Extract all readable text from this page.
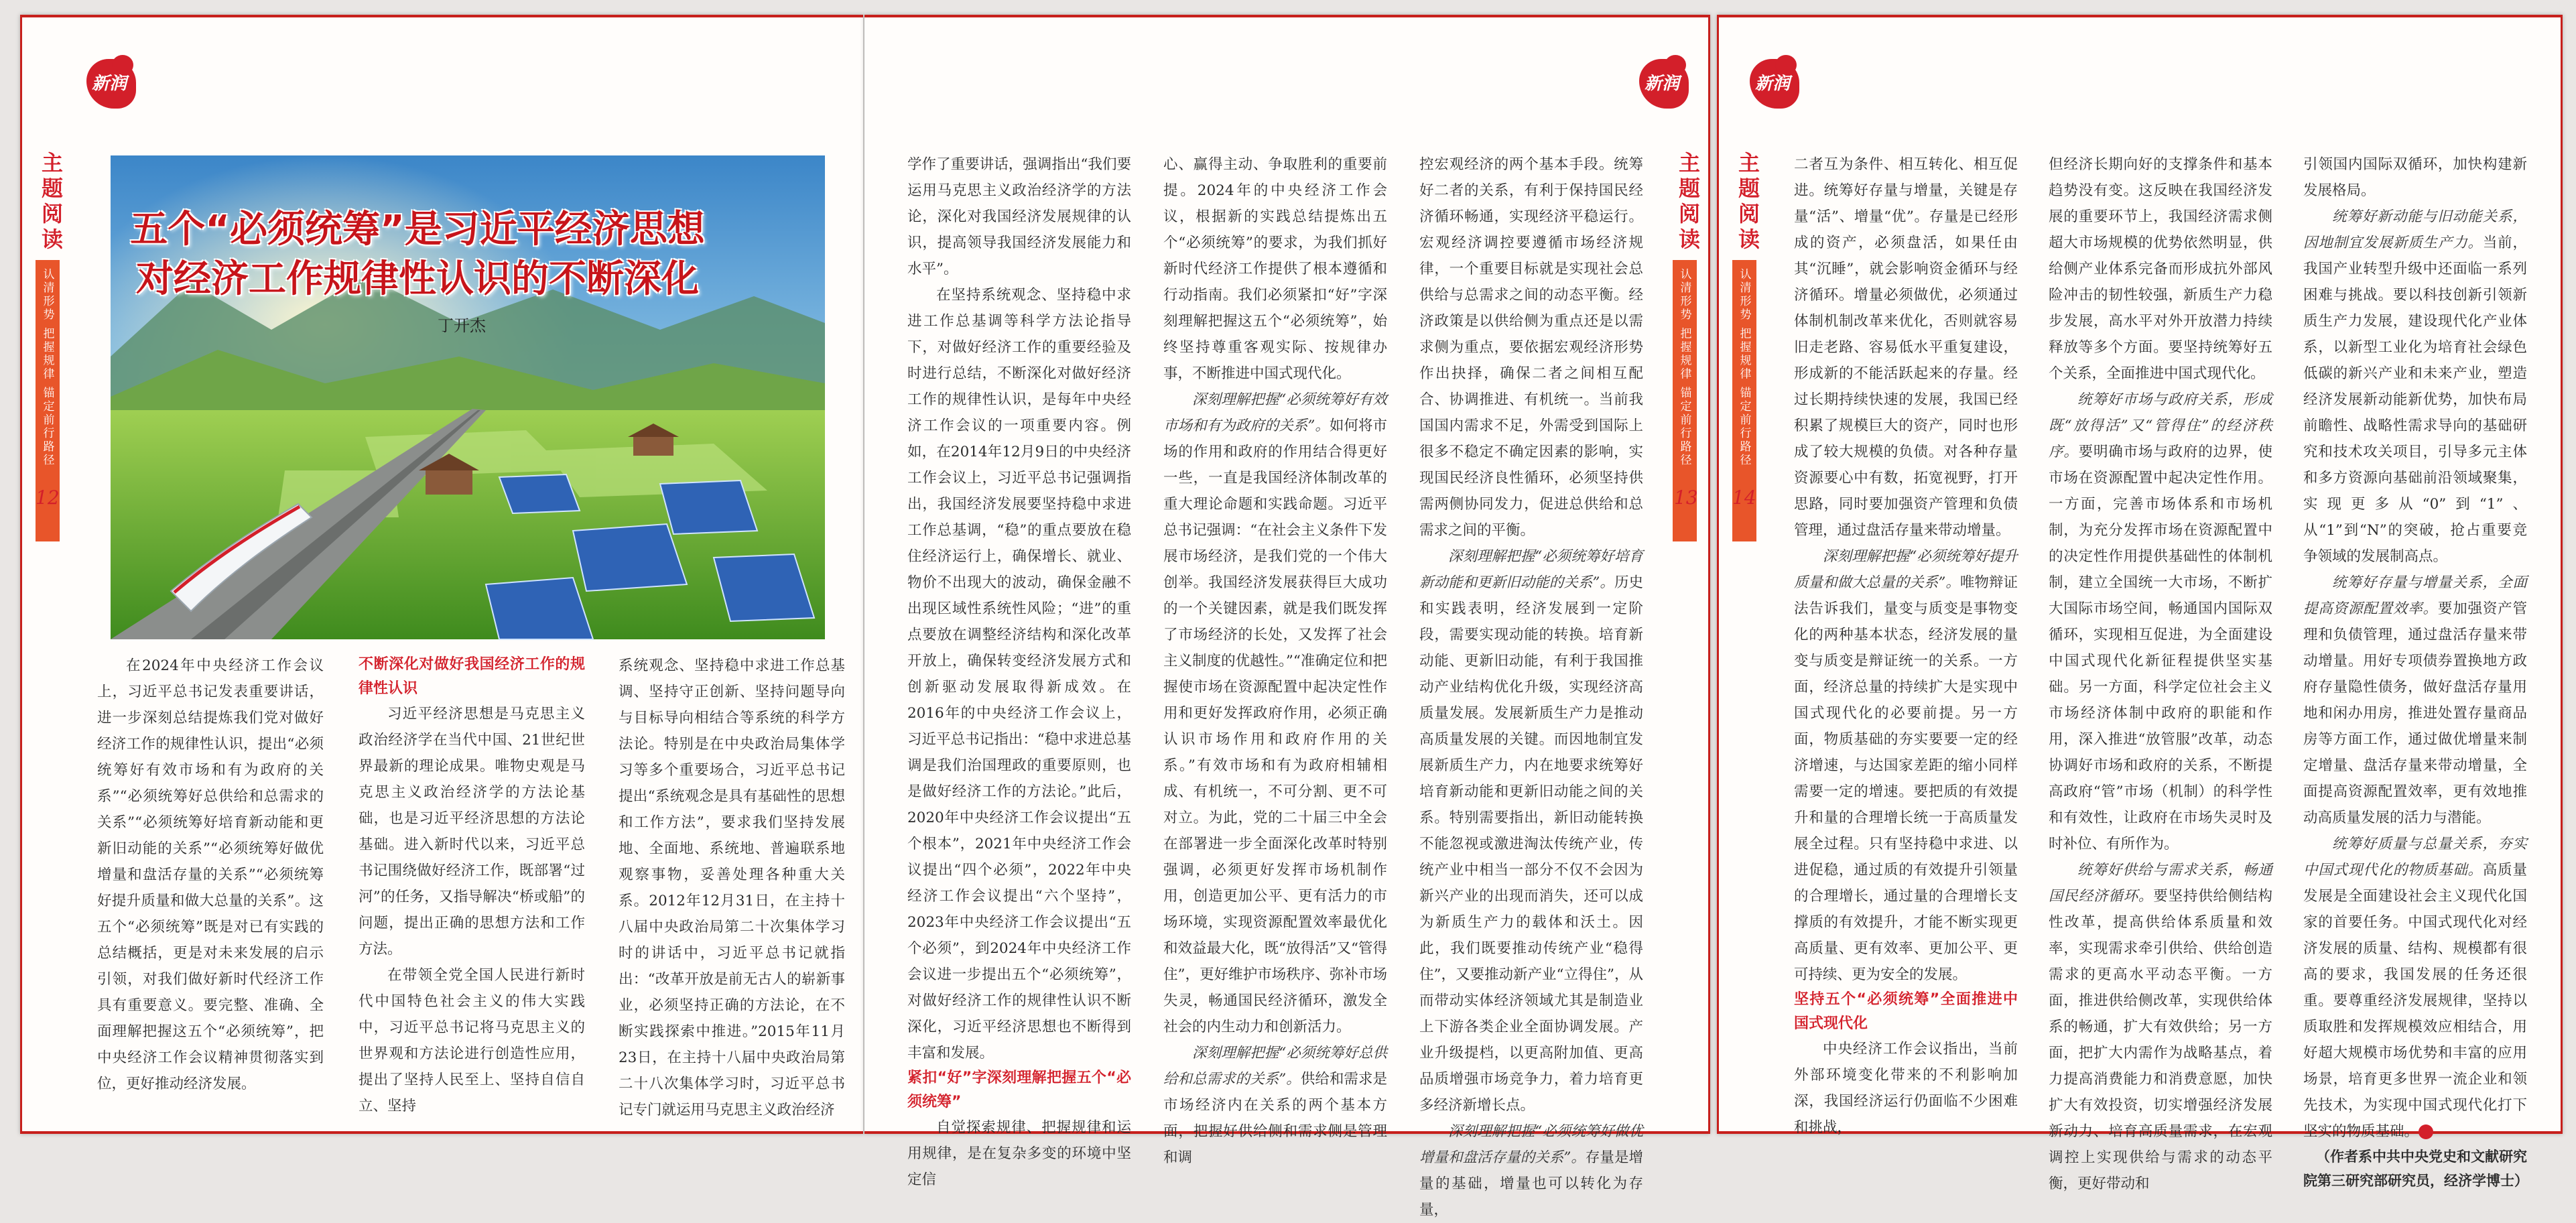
新润
主题阅读
认清形势 把握规律 锚定前行路径
12
五个“必须统筹”是习近平经济思想
对经济工作规律性认识的不断深化
丁开杰

在2024年中央经济工作会议上，习近平总书记发表重要讲话，进一步深刻总结提炼我们党对做好经济工作的规律性认识，提出“必须统筹好有效市场和有为政府的关系”“必须统筹好总供给和总需求的关系”“必须统筹好培育新动能和更新旧动能的关系”“必须统筹好做优增量和盘活存量的关系”“必须统筹好提升质量和做大总量的关系”。这五个“必须统筹”既是对已有实践的总结概括，更是对未来发展的启示引领，对我们做好新时代经济工作具有重要意义。要完整、准确、全面理解把握这五个“必须统筹”，把中央经济工作会议精神贯彻落实到位，更好推动经济发展。

不断深化对做好我国经济工作的规律性认识

习近平经济思想是马克思主义政治经济学在当代中国、21世纪世界最新的理论成果。唯物史观是马克思主义政治经济学的方法论基础，也是习近平经济思想的方法论基础。进入新时代以来，习近平总书记围绕做好经济工作，既部署“过河”的任务，又指导解决“桥或船”的问题，提出正确的思想方法和工作方法。

在带领全党全国人民进行新时代中国特色社会主义的伟大实践中，习近平总书记将马克思主义的世界观和方法论进行创造性应用，提出了坚持人民至上、坚持自信自立、坚持

系统观念、坚持稳中求进工作总基调、坚持守正创新、坚持问题导向与目标导向相结合等系统的科学方法论。特别是在中央政治局集体学习等多个重要场合，习近平总书记提出“系统观念是具有基础性的思想和工作方法”，要求我们坚持发展地、全面地、系统地、普遍联系地观察事物，妥善处理各种重大关系。2012年12月31日，在主持十八届中央政治局第二十次集体学习时的讲话中，习近平总书记就指出：“改革开放是前无古人的崭新事业，必须坚持正确的方法论，在不断实践探索中推进。”2015年11月23日，在主持十八届中央政治局第二十八次集体学习时，习近平总书记专门就运用马克思主义政治经济

新润
主题阅读
认清形势 把握规律 锚定前行路径
13

学作了重要讲话，强调指出“我们要运用马克思主义政治经济学的方法论，深化对我国经济发展规律的认识，提高领导我国经济发展能力和水平”。

在坚持系统观念、坚持稳中求进工作总基调等科学方法论指导下，对做好经济工作的重要经验及时进行总结，不断深化对做好经济工作的规律性认识，是每年中央经济工作会议的一项重要内容。例如，在2014年12月9日的中央经济工作会议上，习近平总书记强调指出，我国经济发展要坚持稳中求进工作总基调，“稳”的重点要放在稳住经济运行上，确保增长、就业、物价不出现大的波动，确保金融不出现区域性系统性风险；“进”的重点要放在调整经济结构和深化改革开放上，确保转变经济发展方式和创新驱动发展取得新成效。在2016年的中央经济工作会议上，习近平总书记指出：“稳中求进总基调是我们治国理政的重要原则，也是做好经济工作的方法论。”此后，2020年中央经济工作会议提出“五个根本”，2021年中央经济工作会议提出“四个必须”，2022年中央经济工作会议提出“六个坚持”，2023年中央经济工作会议提出“五个必须”，到2024年中央经济工作会议进一步提出五个“必须统筹”，对做好经济工作的规律性认识不断深化，习近平经济思想也不断得到丰富和发展。

紧扣“好”字深刻理解把握五个“必须统筹”

自觉探索规律、把握规律和运用规律，是在复杂多变的环境中坚定信

心、赢得主动、争取胜利的重要前提。2024年的中央经济工作会议，根据新的实践总结提炼出五个“必须统筹”的要求，为我们抓好新时代经济工作提供了根本遵循和行动指南。我们必须紧扣“好”字深刻理解把握这五个“必须统筹”，始终坚持尊重客观实际、按规律办事，不断推进中国式现代化。

深刻理解把握“必须统筹好有效市场和有为政府的关系”。如何将市场的作用和政府的作用结合得更好一些，一直是我国经济体制改革的重大理论命题和实践命题。习近平总书记强调：“在社会主义条件下发展市场经济，是我们党的一个伟大创举。我国经济发展获得巨大成功的一个关键因素，就是我们既发挥了市场经济的长处，又发挥了社会主义制度的优越性。”“准确定位和把握使市场在资源配置中起决定性作用和更好发挥政府作用，必须正确认识市场作用和政府作用的关系。”有效市场和有为政府相辅相成、有机统一，不可分割、更不可对立。为此，党的二十届三中全会在部署进一步全面深化改革时特别强调，必须更好发挥市场机制作用，创造更加公平、更有活力的市场环境，实现资源配置效率最优化和效益最大化，既“放得活”又“管得住”，更好维护市场秩序、弥补市场失灵，畅通国民经济循环，激发全社会的内生动力和创新活力。

深刻理解把握“必须统筹好总供给和总需求的关系”。供给和需求是市场经济内在关系的两个基本方面，把握好供给侧和需求侧是管理和调

控宏观经济的两个基本手段。统筹好二者的关系，有利于保持国民经济循环畅通，实现经济平稳运行。宏观经济调控要遵循市场经济规律，一个重要目标就是实现社会总供给与总需求之间的动态平衡。经济政策是以供给侧为重点还是以需求侧为重点，要依据宏观经济形势作出抉择，确保二者之间相互配合、协调推进、有机统一。当前我国国内需求不足，外需受到国际上很多不稳定不确定因素的影响，实现国民经济良性循环，必须坚持供需两侧协同发力，促进总供给和总需求之间的平衡。

深刻理解把握“必须统筹好培育新动能和更新旧动能的关系”。历史和实践表明，经济发展到一定阶段，需要实现动能的转换。培育新动能、更新旧动能，有利于我国推动产业结构优化升级，实现经济高质量发展。发展新质生产力是推动高质量发展的关键。而因地制宜发展新质生产力，内在地要求统筹好培育新动能和更新旧动能之间的关系。特别需要指出，新旧动能转换不能忽视或激进淘汰传统产业，传统产业中相当一部分不仅不会因为新兴产业的出现而消失，还可以成为新质生产力的载体和沃土。因此，我们既要推动传统产业“稳得住”，又要推动新产业“立得住”，从而带动实体经济领域尤其是制造业上下游各类企业全面协调发展。产业升级提档，以更高附加值、更高品质增强市场竞争力，着力培育更多经济新增长点。

深刻理解把握“必须统筹好做优增量和盘活存量的关系”。存量是增量的基础，增量也可以转化为存量，

新润
主题阅读
认清形势 把握规律 锚定前行路径
14

二者互为条件、相互转化、相互促进。统筹好存量与增量，关键是存量“活”、增量“优”。存量是已经形成的资产，必须盘活，如果任由其“沉睡”，就会影响资金循环与经济循环。增量必须做优，必须通过体制机制改革来优化，否则就容易旧走老路、容易低水平重复建设，形成新的不能活跃起来的存量。经过长期持续快速的发展，我国已经积累了规模巨大的资产，同时也形成了较大规模的负债。对各种存量资源要心中有数，拓宽视野，打开思路，同时要加强资产管理和负债管理，通过盘活存量来带动增量。

深刻理解把握“必须统筹好提升质量和做大总量的关系”。唯物辩证法告诉我们，量变与质变是事物变化的两种基本状态，经济发展的量变与质变是辩证统一的关系。一方面，经济总量的持续扩大是实现中国式现代化的必要前提。另一方面，物质基础的夯实要要一定的经济增速，与达国家差距的缩小同样需要一定的增速。要把质的有效提升和量的合理增长统一于高质量发展全过程。只有坚持稳中求进、以进促稳，通过质的有效提升引领量的合理增长，通过量的合理增长支撑质的有效提升，才能不断实现更高质量、更有效率、更加公平、更可持续、更为安全的发展。

坚持五个“必须统筹”全面推进中国式现代化

中央经济工作会议指出，当前外部环境变化带来的不利影响加深，我国经济运行仍面临不少困难和挑战，

但经济长期向好的支撑条件和基本趋势没有变。这反映在我国经济发展的重要环节上，我国经济需求侧超大市场规模的优势依然明显，供给侧产业体系完备而形成抗外部风险冲击的韧性较强，新质生产力稳步发展，高水平对外开放潜力持续释放等多个方面。要坚持统筹好五个关系，全面推进中国式现代化。

统筹好市场与政府关系，形成既“放得活”又“管得住”的经济秩序。要明确市场与政府的边界，使市场在资源配置中起决定性作用。一方面，完善市场体系和市场机制，为充分发挥市场在资源配置中的决定性作用提供基础性的体制机制，建立全国统一大市场，不断扩大国际市场空间，畅通国内国际双循环，实现相互促进，为全面建设中国式现代化新征程提供坚实基础。另一方面，科学定位社会主义市场经济体制中政府的职能和作用，深入推进“放管服”改革，动态协调好市场和政府的关系，不断提高政府“管”市场（机制）的科学性和有效性，让政府在市场失灵时及时补位、有所作为。

统筹好供给与需求关系，畅通国民经济循环。要坚持供给侧结构性改革，提高供给体系质量和效率，实现需求牵引供给、供给创造需求的更高水平动态平衡。一方面，推进供给侧改革，实现供给体系的畅通，扩大有效供给；另一方面，把扩大内需作为战略基点，着力提高消费能力和消费意愿，加快扩大有效投资，切实增强经济发展新动力、培育高质量需求，在宏观调控上实现供给与需求的动态平衡，更好带动和

引领国内国际双循环，加快构建新发展格局。

统筹好新动能与旧动能关系，因地制宜发展新质生产力。当前，我国产业转型升级中还面临一系列困难与挑战。要以科技创新引领新质生产力发展，建设现代化产业体系，以新型工业化为培育社会绿色低碳的新兴产业和未来产业，塑造经济发展新动能新优势，加快布局前瞻性、战略性需求导向的基础研究和技术攻关项目，引导多元主体和多方资源向基础前沿领域聚集，实现更多从“0”到“1”、从“1”到“N”的突破，抢占重要竞争领域的发展制高点。

统筹好存量与增量关系，全面提高资源配置效率。要加强资产管理和负债管理，通过盘活存量来带动增量。用好专项债券置换地方政府存量隐性债务，做好盘活存量用地和闲办用房，推进处置存量商品房等方面工作，通过做优增量来制定增量、盘活存量来带动增量，全面提高资源配置效率，更有效地推动高质量发展的活力与潜能。

统筹好质量与总量关系，夯实中国式现代化的物质基础。高质量发展是全面建设社会主义现代化国家的首要任务。中国式现代化对经济发展的质量、结构、规模都有很高的要求，我国发展的任务还很重。要尊重经济发展规律，坚持以质取胜和发挥规模效应相结合，用好超大规模市场优势和丰富的应用场景，培育更多世界一流企业和领先技术，为实现中国式现代化打下坚实的物质基础。

（作者系中共中央党史和文献研究院第三研究部研究员，经济学博士）
